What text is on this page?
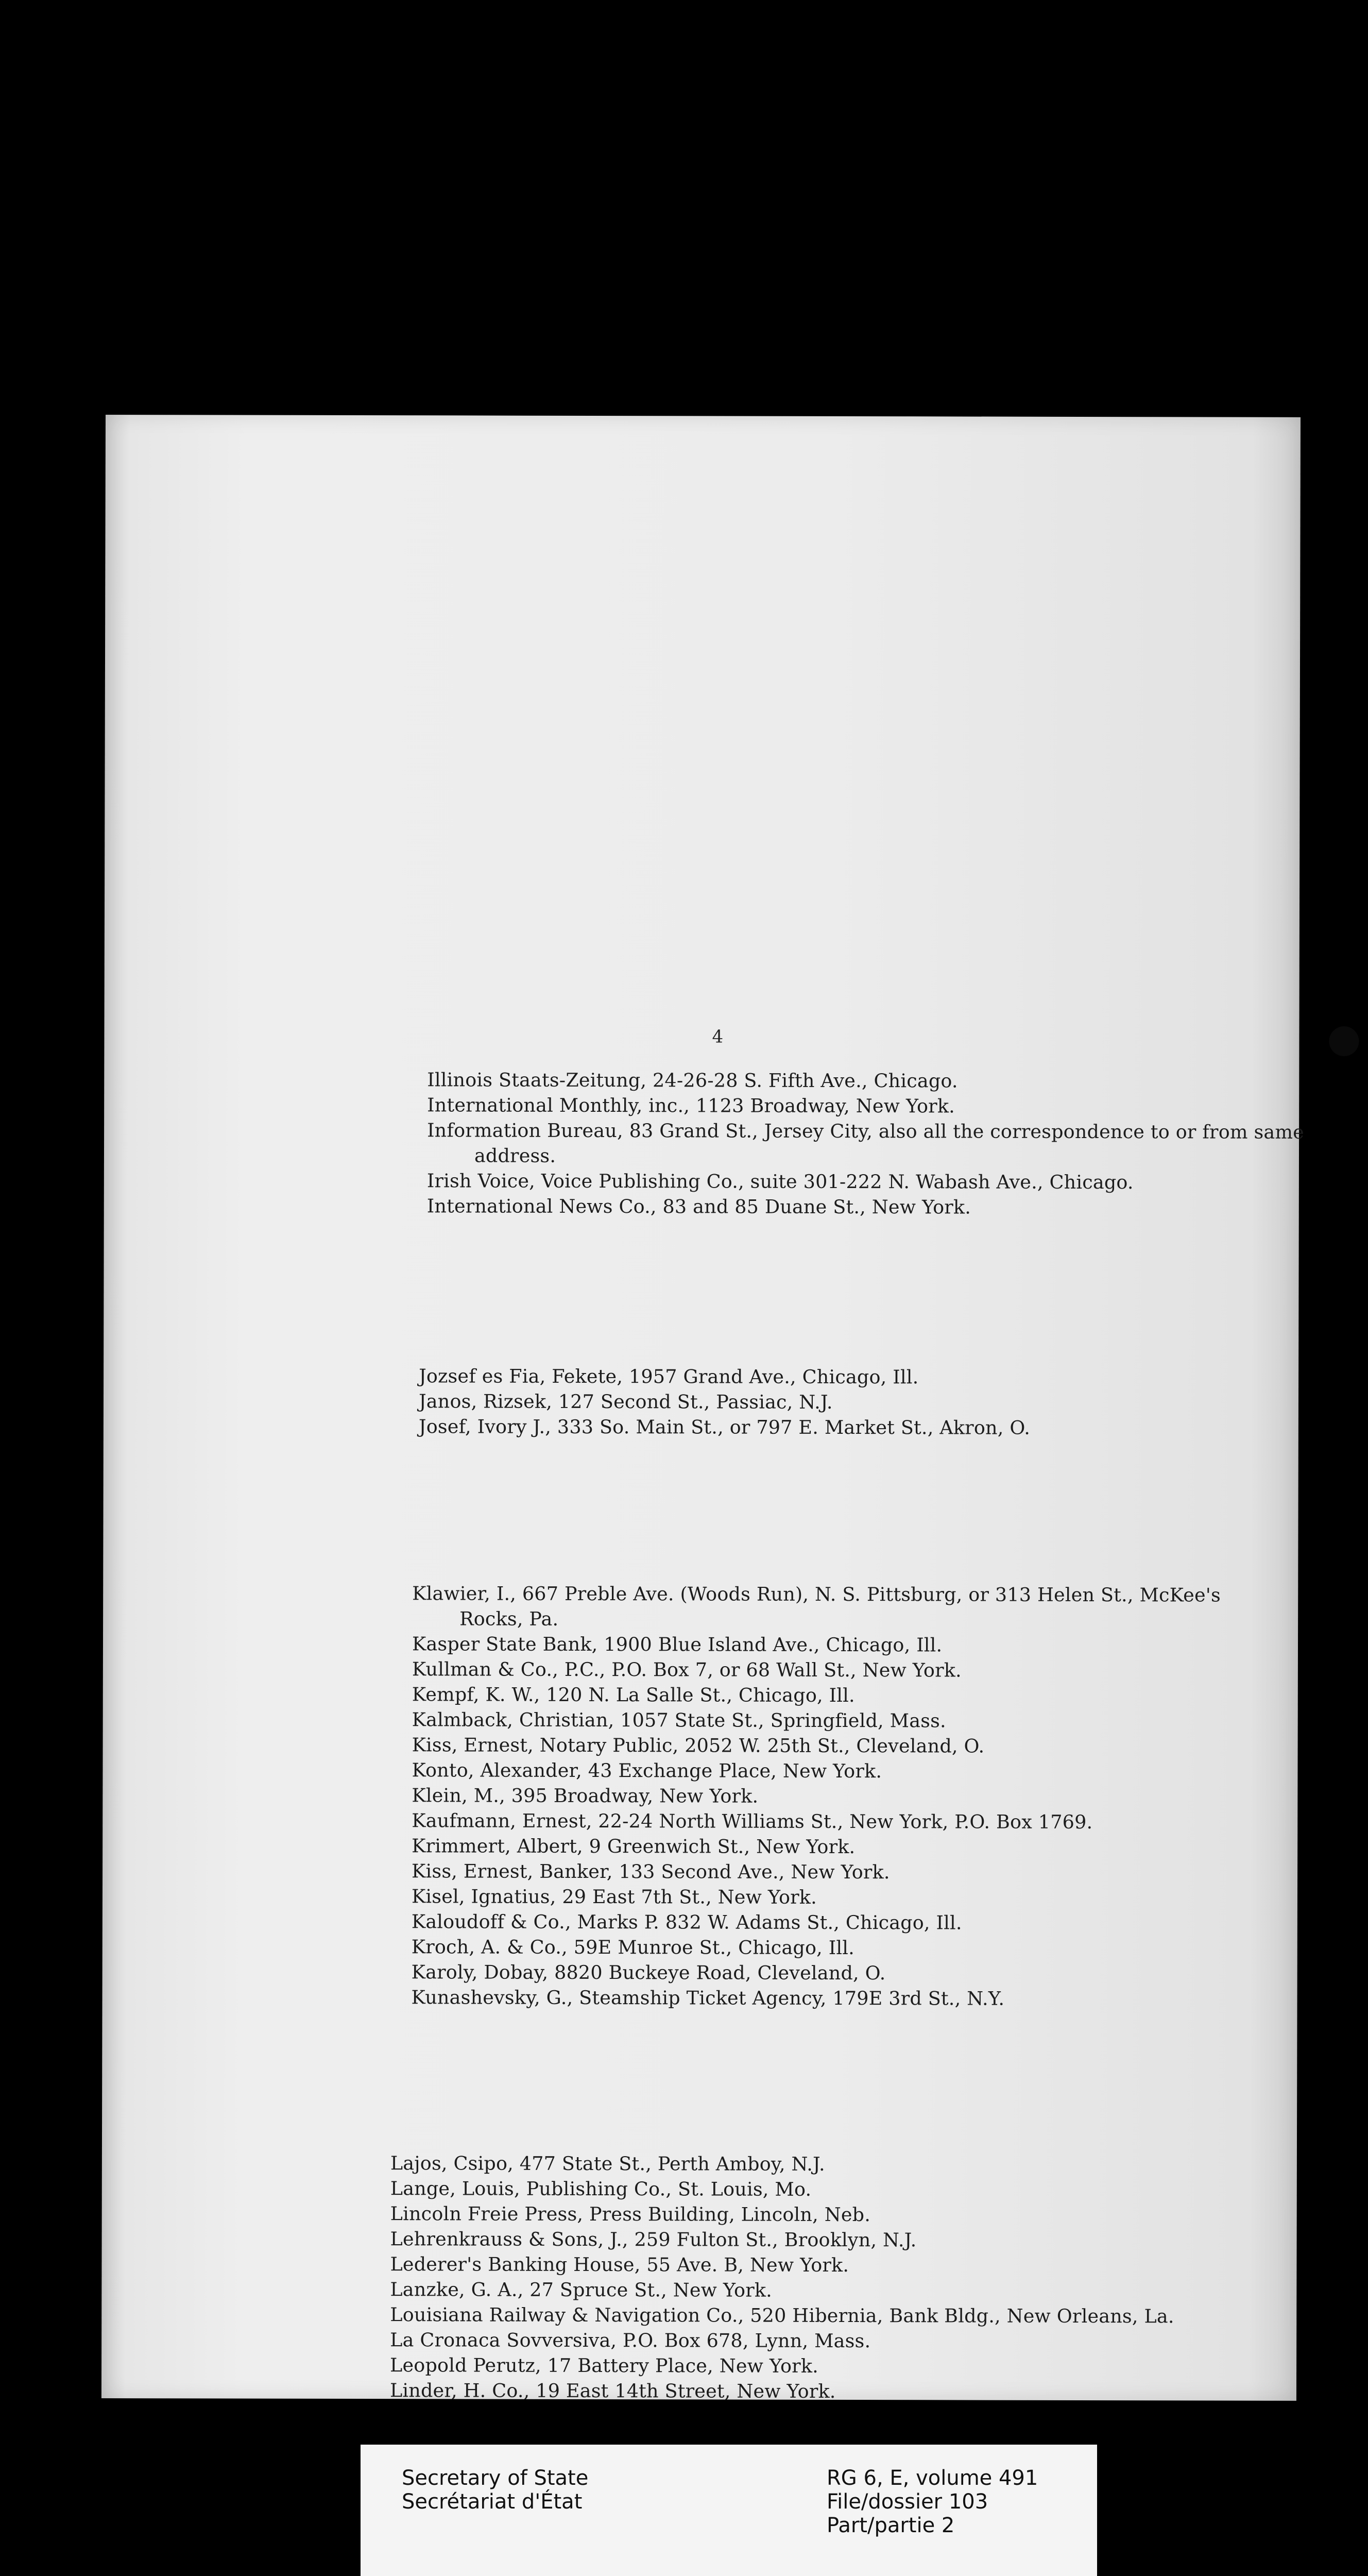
4
Illinois Staats-Zeitung, 24-26-28 S. Fifth Ave., Chicago.
International Monthly, inc., 1123 Broadway, New York.
Information Bureau, 83 Grand St., Jersey City, also all the correspondence to or from same
address.
Irish Voice, Voice Publishing Co., suite 301-222 N. Wabash Ave., Chicago.
International News Co., 83 and 85 Duane St., New York.
Jozsef es Fia, Fekete, 1957 Grand Ave., Chicago, Ill.
Janos, Rizsek, 127 Second St., Passiac, N.J.
Josef, Ivory J., 333 So. Main St., or 797 E. Market St., Akron, O.
Klawier, I., 667 Preble Ave. (Woods Run), N. S. Pittsburg, or 313 Helen St., McKee's
Rocks, Pa.
Kasper State Bank, 1900 Blue Island Ave., Chicago, Ill.
Kullman & Co., P.C., P.O. Box 7, or 68 Wall St., New York.
Kempf, K. W., 120 N. La Salle St., Chicago, Ill.
Kalmback, Christian, 1057 State St., Springfield, Mass.
Kiss, Ernest, Notary Public, 2052 W. 25th St., Cleveland, O.
Konto, Alexander, 43 Exchange Place, New York.
Klein, M., 395 Broadway, New York.
Kaufmann, Ernest, 22-24 North Williams St., New York, P.O. Box 1769.
Krimmert, Albert, 9 Greenwich St., New York.
Kiss, Ernest, Banker, 133 Second Ave., New York.
Kisel, Ignatius, 29 East 7th St., New York.
Kaloudoff & Co., Marks P. 832 W. Adams St., Chicago, Ill.
Kroch, A. & Co., 59E Munroe St., Chicago, Ill.
Karoly, Dobay, 8820 Buckeye Road, Cleveland, O.
Kunashevsky, G., Steamship Ticket Agency, 179E 3rd St., N.Y.
Lajos, Csipo, 477 State St., Perth Amboy, N.J.
Lange, Louis, Publishing Co., St. Louis, Mo.
Lincoln Freie Press, Press Building, Lincoln, Neb.
Lehrenkrauss & Sons, J., 259 Fulton St., Brooklyn, N.J.
Lederer's Banking House, 55 Ave. B, New York.
Lanzke, G. A., 27 Spruce St., New York.
Louisiana Railway & Navigation Co., 520 Hibernia, Bank Bldg., New Orleans, La.
La Cronaca Sovversiva, P.O. Box 678, Lynn, Mass.
Leopold Perutz, 17 Battery Place, New York.
Linder, H. Co., 19 East 14th Street, New York.
Secretary of State
Secrétariat d'État
RG 6, E, volume 491
File/dossier 103
Part/partie 2
